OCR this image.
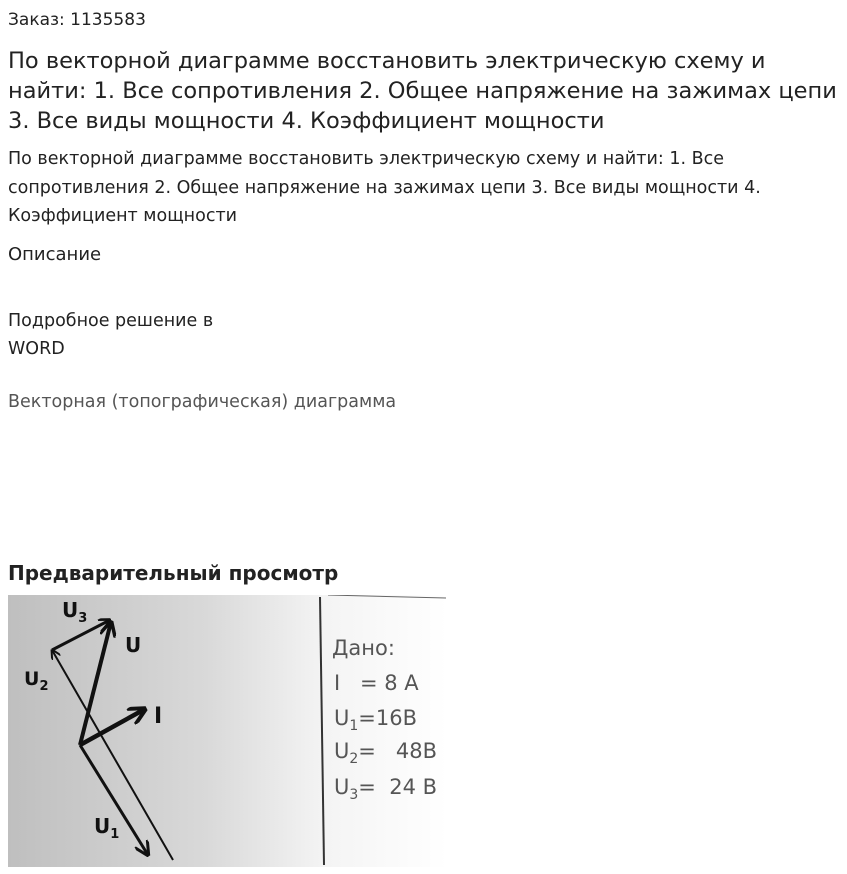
Заказ: 1135583
По векторной диаграмме восстановить электрическую схему и найти: 1. Все сопротивления 2. Общее напряжение на зажимах цепи 3. Все виды мощности 4. Коэффициент мощности

По векторной диаграмме восстановить электрическую схему и найти: 1. Все сопротивления 2. Общее напряжение на зажимах цепи 3. Все виды мощности 4. Коэффициент мощности

Описание
Подробное решение в
WORD
Векторная (топографическая) диаграмма
Предварительный просмотр
$U_3$
U
$U_2$
I
$U_1$
Дано:
I = 8 А
$U_1=16В$
$U_2= 48В$
$U_3= 24$ В
